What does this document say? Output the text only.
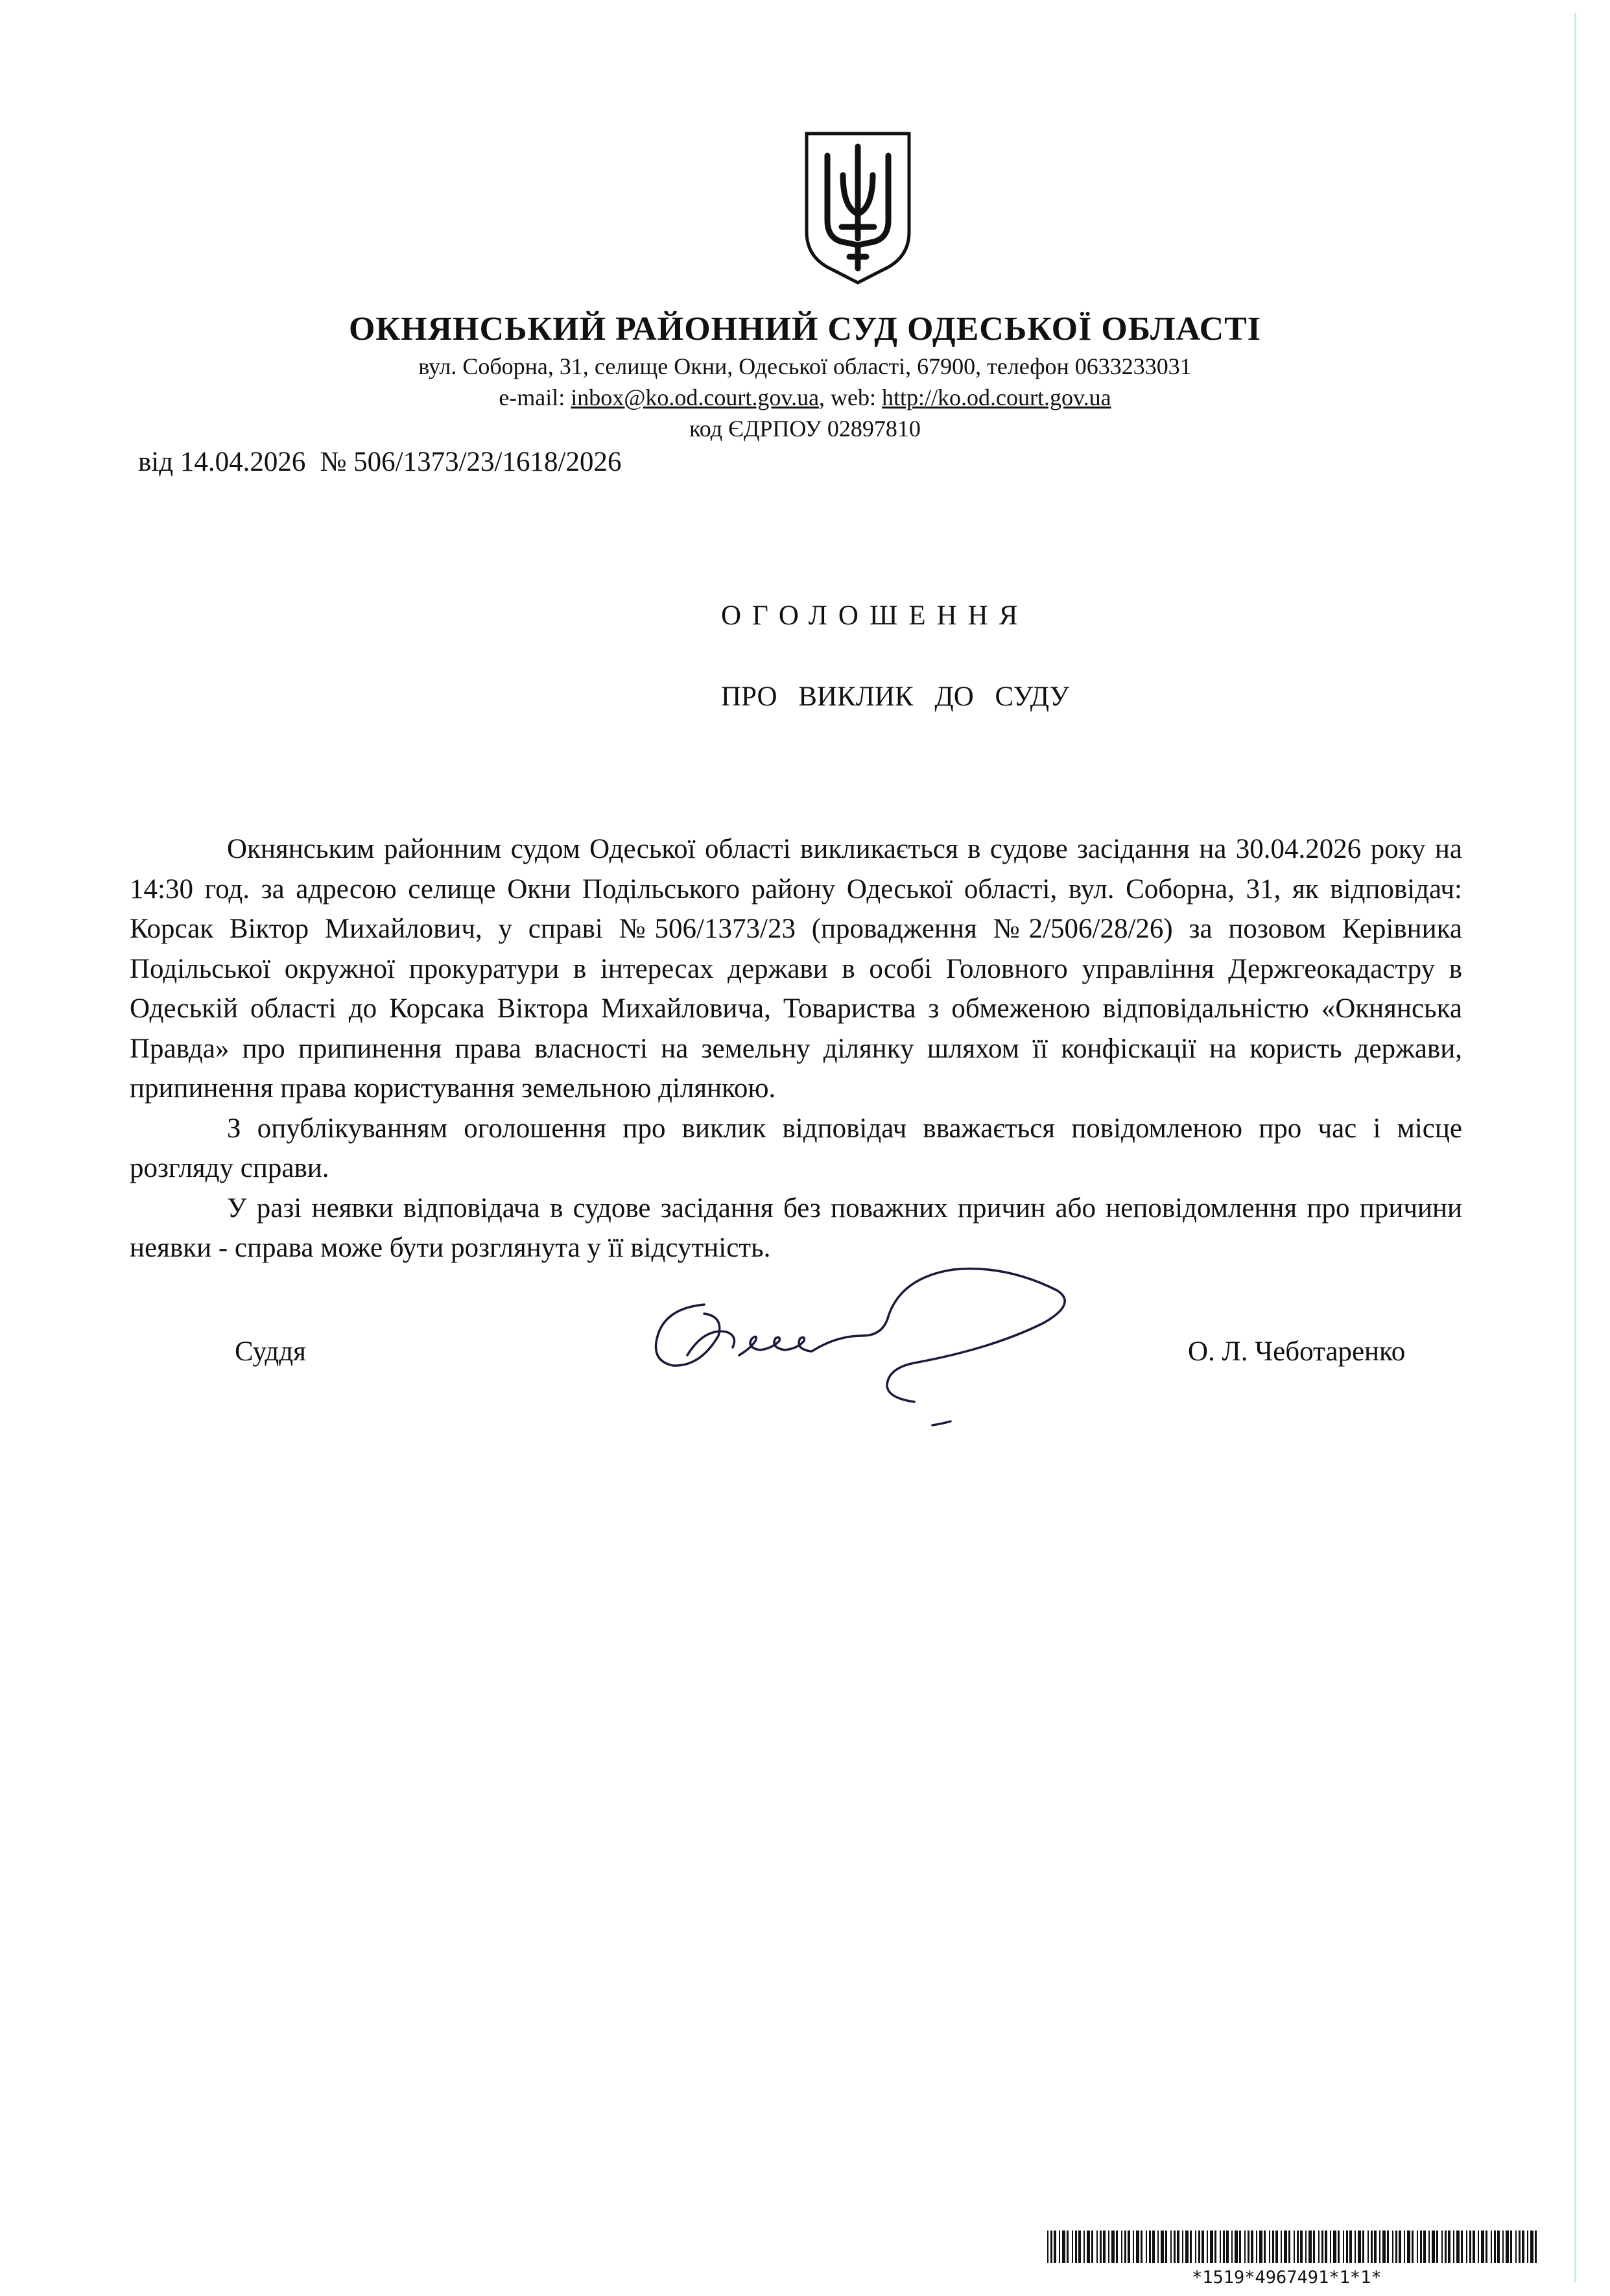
ОКНЯНСЬКИЙ РАЙОННИЙ СУД ОДЕСЬКОЇ ОБЛАСТІ
вул. Соборна, 31, селище Окни, Одеської області, 67900, телефон 0633233031
e-mail: inbox@ko.od.court.gov.ua, web: http://ko.od.court.gov.ua
код ЄДРПОУ 02897810
від 14.04.2026 № 506/1373/23/1618/2026
ОГОЛОШЕННЯ
ПРО ВИКЛИК ДО СУДУ

Окнянським районним судом Одеської області викликається в судове засідання на 30.04.2026 року на 14:30 год. за адресою селище Окни Подільського району Одеської області, вул. Соборна, 31, як відповідач: Корсак Віктор Михайлович, у справі №506/1373/23 (провадження №2/506/28/26) за позовом Керівника Подільської окружної прокуратури в інтересах держави в особі Головного управління Держгеокадастру в Одеській області до Корсака Віктора Михайловича, Товариства з обмеженою відповідальністю «Окнянська Правда» про припинення права власності на земельну ділянку шляхом її конфіскації на користь держави, припинення права користування земельною ділянкою.

З опублікуванням оголошення про виклик відповідач вважається повідомленою про час і місце розгляду справи.

У разі неявки відповідача в судове засідання без поважних причин або неповідомлення про причини неявки - справа може бути розглянута у її відсутність.

Суддя	О. Л. Чеботаренко
*1519*4967491*1*1*
